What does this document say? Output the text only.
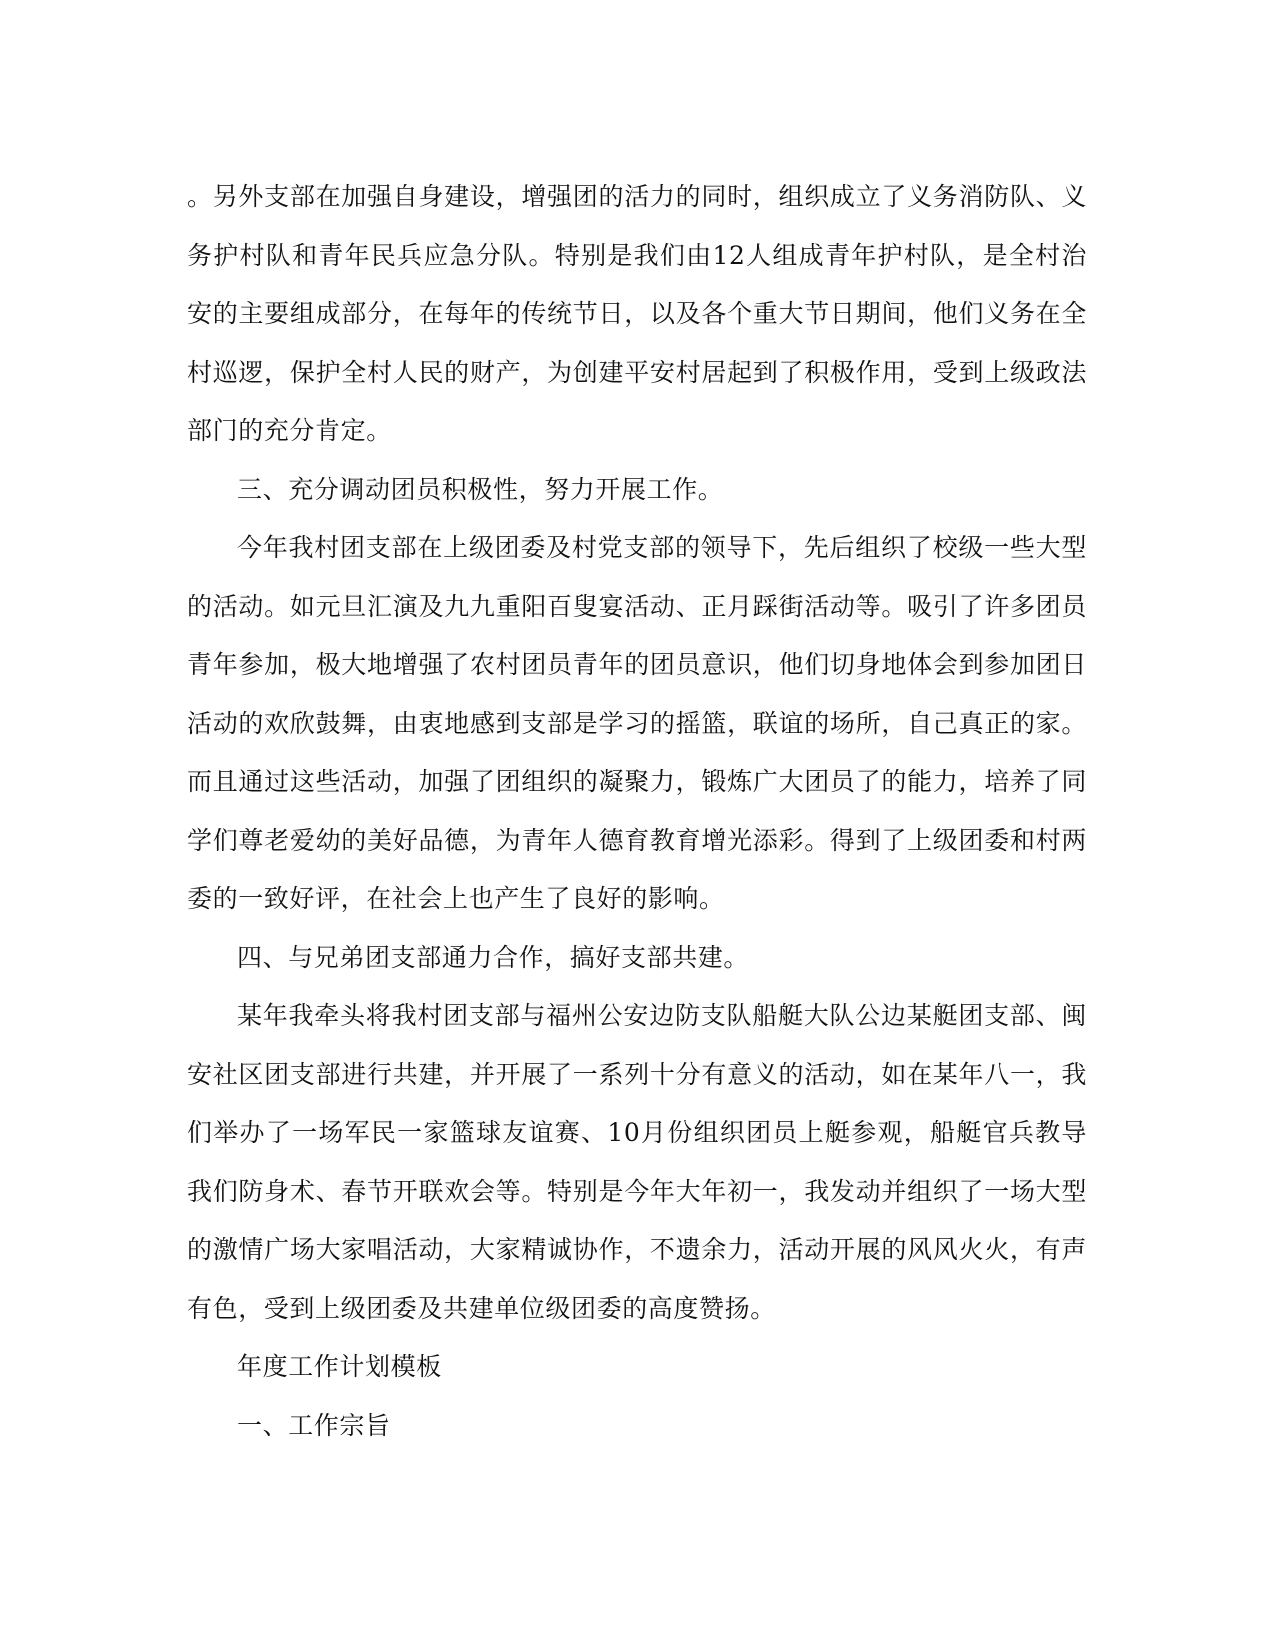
。另外支部在加强自身建设，增强团的活力的同时，组织成立了义务消防队、义务护村队和青年民兵应急分队。特别是我们由12人组成青年护村队，是全村治安的主要组成部分，在每年的传统节日，以及各个重大节日期间，他们义务在全村巡逻，保护全村人民的财产，为创建平安村居起到了积极作用，受到上级政法部门的充分肯定。

三、充分调动团员积极性，努力开展工作。

今年我村团支部在上级团委及村党支部的领导下，先后组织了校级一些大型的活动。如元旦汇演及九九重阳百叟宴活动、正月踩街活动等。吸引了许多团员青年参加，极大地增强了农村团员青年的团员意识，他们切身地体会到参加团日活动的欢欣鼓舞，由衷地感到支部是学习的摇篮，联谊的场所，自己真正的家。而且通过这些活动，加强了团组织的凝聚力，锻炼广大团员了的能力，培养了同学们尊老爱幼的美好品德，为青年人德育教育增光添彩。得到了上级团委和村两委的一致好评，在社会上也产生了良好的影响。

四、与兄弟团支部通力合作，搞好支部共建。

某年我牵头将我村团支部与福州公安边防支队船艇大队公边某艇团支部、闽安社区团支部进行共建，并开展了一系列十分有意义的活动，如在某年八一，我们举办了一场军民一家篮球友谊赛、10月份组织团员上艇参观，船艇官兵教导我们防身术、春节开联欢会等。特别是今年大年初一，我发动并组织了一场大型的激情广场大家唱活动，大家精诚协作，不遗余力，活动开展的风风火火，有声有色，受到上级团委及共建单位级团委的高度赞扬。

年度工作计划模板

一、工作宗旨
